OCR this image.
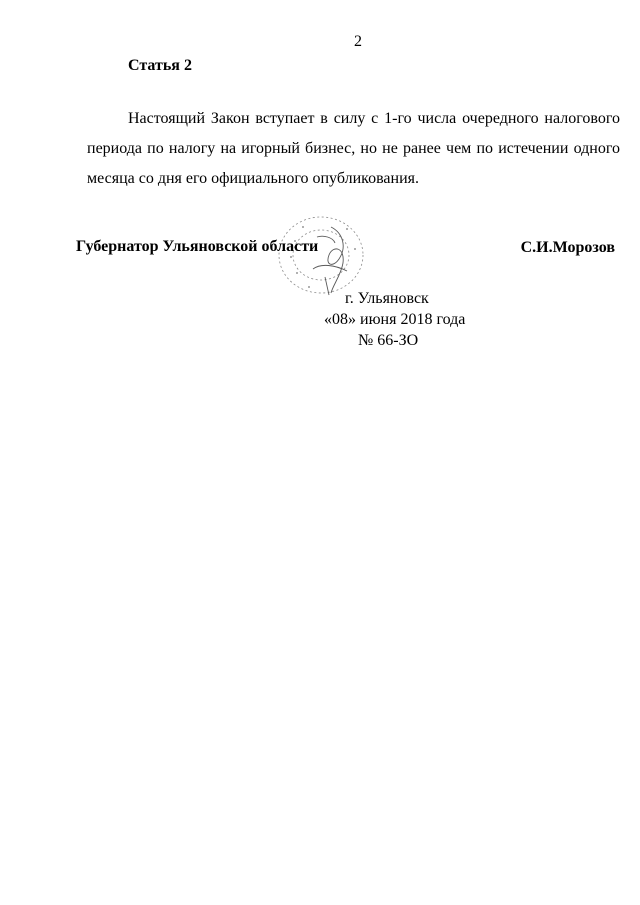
2
Статья 2

Настоящий Закон вступает в силу с 1-го числа очередного налогового периода по налогу на игорный бизнес, но не ранее чем по истечении одного месяца со дня его официального опубликования.

Губернатор Ульяновской области	С.И.Морозов
г. Ульяновск
«08» июня 2018 года
№ 66-ЗО
